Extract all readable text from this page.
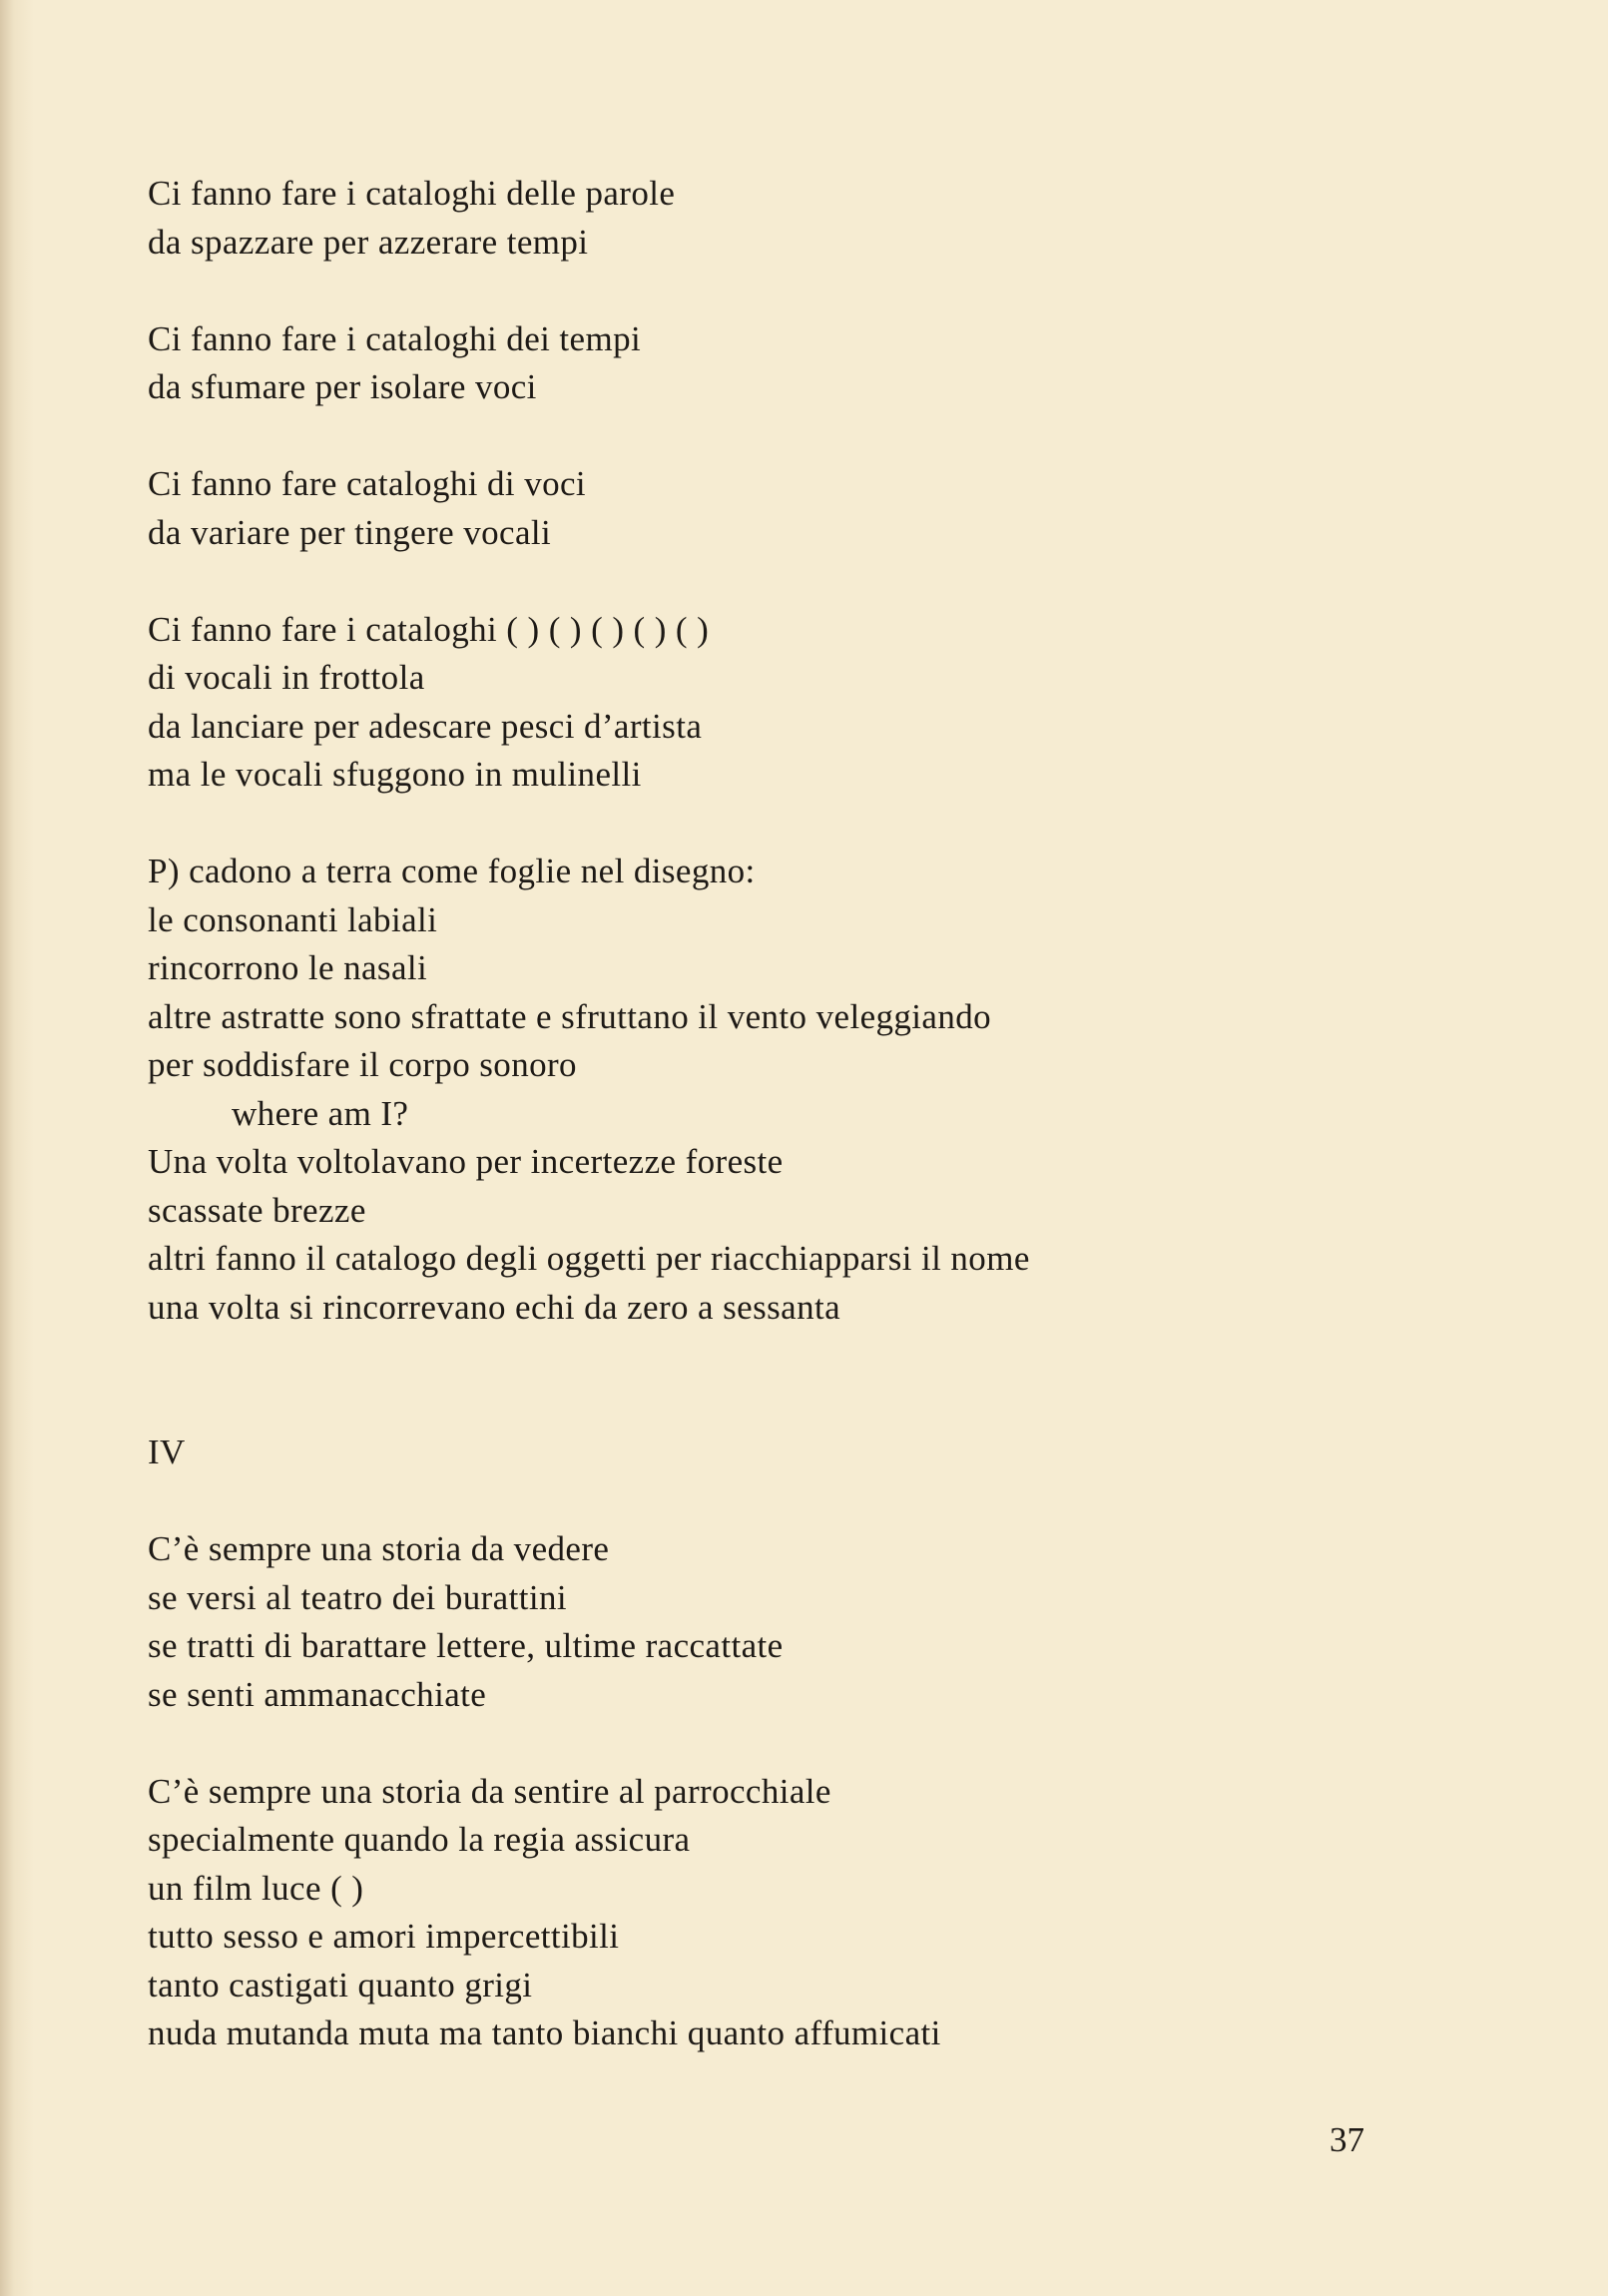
Ci fanno fare i cataloghi delle parole
da spazzare per azzerare tempi
Ci fanno fare i cataloghi dei tempi
da sfumare per isolare voci
Ci fanno fare cataloghi di voci
da variare per tingere vocali
Ci fanno fare i cataloghi ( ) ( ) ( ) ( ) ( )
di vocali in frottola
da lanciare per adescare pesci d’artista
ma le vocali sfuggono in mulinelli
P) cadono a terra come foglie nel disegno:
le consonanti labiali
rincorrono le nasali
altre astratte sono sfrattate e sfruttano il vento veleggiando
per soddisfare il corpo sonoro
where am I?
Una volta voltolavano per incertezze foreste
scassate brezze
altri fanno il catalogo degli oggetti per riacchiapparsi il nome
una volta si rincorrevano echi da zero a sessanta
IV
C’è sempre una storia da vedere
se versi al teatro dei burattini
se tratti di barattare lettere, ultime raccattate
se senti ammanacchiate
C’è sempre una storia da sentire al parrocchiale
specialmente quando la regia assicura
un film luce ( )
tutto sesso e amori impercettibili
tanto castigati quanto grigi
nuda mutanda muta ma tanto bianchi quanto affumicati
37
